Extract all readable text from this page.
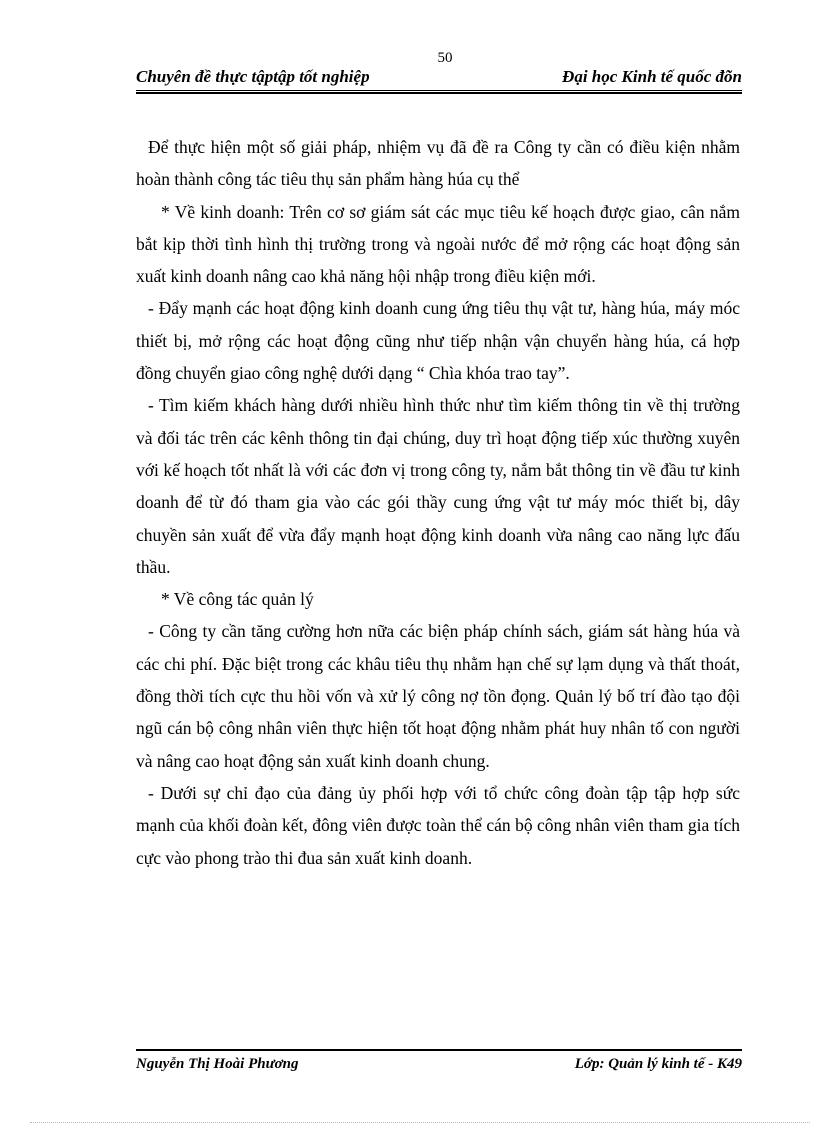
50
Chuyên đề thực tậptập tốt nghiệp	Đại học Kinh tế quốc đõn

Để thực hiện một số giải pháp, nhiệm vụ đã đề ra Công ty cần có điều kiện nhằm hoàn thành công tác tiêu thụ sản phẩm hàng húa cụ thể

* Về kinh doanh: Trên cơ sơ giám sát các mục tiêu kế hoạch được giao, cân nắm bắt kịp thời tình hình thị trường trong và ngoài nước để mở rộng các hoạt động sản xuất kinh doanh nâng cao khả năng hội nhập trong điều kiện mới.

- Đẩy mạnh các hoạt động kinh doanh cung ứng tiêu thụ vật tư, hàng húa, máy móc thiết bị, mở rộng các hoạt động cũng như tiếp nhận vận chuyển hàng húa, cá hợp đồng chuyển giao công nghệ dưới dạng “ Chìa khóa trao tay”.

- Tìm kiếm khách hàng dưới nhiều hình thức như tìm kiếm thông tin về thị trường và đối tác trên các kênh thông tin đại chúng, duy trì hoạt động tiếp xúc thường xuyên với kế hoạch tốt nhất là với các đơn vị trong công ty, nắm bắt thông tin về đầu tư kinh doanh để từ đó tham gia vào các gói thầy cung ứng vật tư máy móc thiết bị, dây chuyền sản xuất để vừa đẩy mạnh hoạt động kinh doanh vừa nâng cao năng lực đấu thầu.

* Về công tác quản lý

- Công ty cần tăng cường hơn nữa các biện pháp chính sách, giám sát hàng húa và các chi phí. Đặc biệt trong các khâu tiêu thụ nhằm hạn chế sự lạm dụng và thất thoát, đồng thời tích cực thu hồi vốn và xử lý công nợ tồn đọng. Quản lý bố trí đào tạo đội ngũ cán bộ công nhân viên thực hiện tốt hoạt động nhằm phát huy nhân tố con người và nâng cao hoạt động sản xuất kinh doanh chung.

- Dưới sự chỉ đạo của đảng ủy phối hợp với tổ chức công đoàn tập tập hợp sức mạnh của khối đoàn kết, đông viên được toàn thể cán bộ công nhân viên tham gia tích cực vào phong trào thi đua sản xuất kinh doanh.

Nguyễn Thị Hoài Phương	Lớp: Quản lý kinh tế - K49
